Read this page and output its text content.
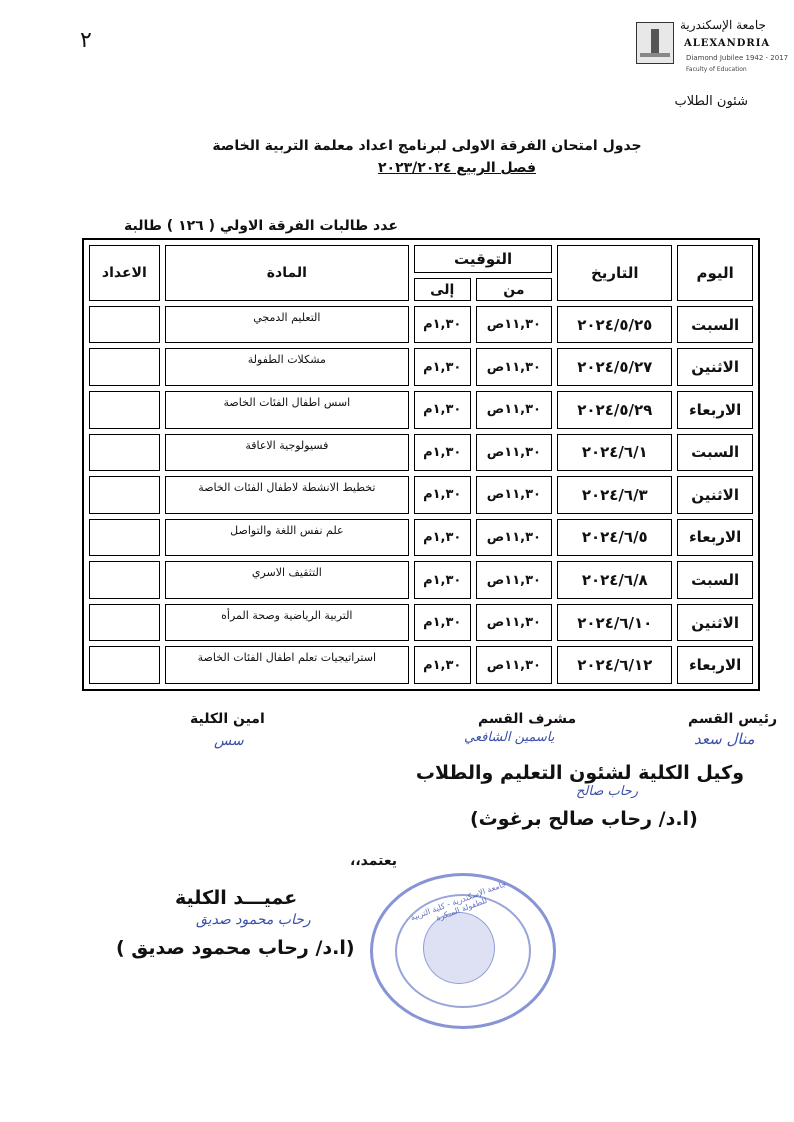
جامعة الإسكندرية
ALEXANDRIA
Diamond Jubilee 1942 - 2017
Faculty of Education
٢
شئون الطلاب
جدول امتحان الفرقة الاولى لبرنامج اعداد معلمة التربية الخاصة
فصل الربيع ٢٠٢٣/٢٠٢٤
عدد طالبات الفرقة الاولي ( ١٢٦ ) طالبة
اليوم	التاريخ	التوقيت		المادة	الاعداد
		من	إلى		
السبت	٢٠٢٤/٥/٢٥	١١,٣٠ص	١,٣٠م	التعليم الدمجي	
الاثنين	٢٠٢٤/٥/٢٧	١١,٣٠ص	١,٣٠م	مشكلات الطفولة	
الاربعاء	٢٠٢٤/٥/٢٩	١١,٣٠ص	١,٣٠م	اسس اطفال الفئات الخاصة	
السبت	٢٠٢٤/٦/١	١١,٣٠ص	١,٣٠م	فسيولوجية الاعاقة	
الاثنين	٢٠٢٤/٦/٣	١١,٣٠ص	١,٣٠م	تخطيط الانشطة لاطفال الفئات الخاصة	
الاربعاء	٢٠٢٤/٦/٥	١١,٣٠ص	١,٣٠م	علم نفس اللغة والتواصل	
السبت	٢٠٢٤/٦/٨	١١,٣٠ص	١,٣٠م	التثقيف الاسري	
الاثنين	٢٠٢٤/٦/١٠	١١,٣٠ص	١,٣٠م	التربية الرياضية وصحة المرأه	
الاربعاء	٢٠٢٤/٦/١٢	١١,٣٠ص	١,٣٠م	استراتيجيات تعلم اطفال الفئات الخاصة	
رئيس القسم
منال سعد
مشرف القسم
ياسمين الشافعي
امين الكلية
سس
وكيل الكلية لشئون التعليم والطلاب
رحاب صالح
(ا.د/ رحاب صالح برغوث)
يعتمد،،
جامعة الإسكندرية - كلية التربية للطفولة المبكرة
عميـــد الكلية
رحاب محمود صديق
(ا.د/ رحاب محمود صديق )
